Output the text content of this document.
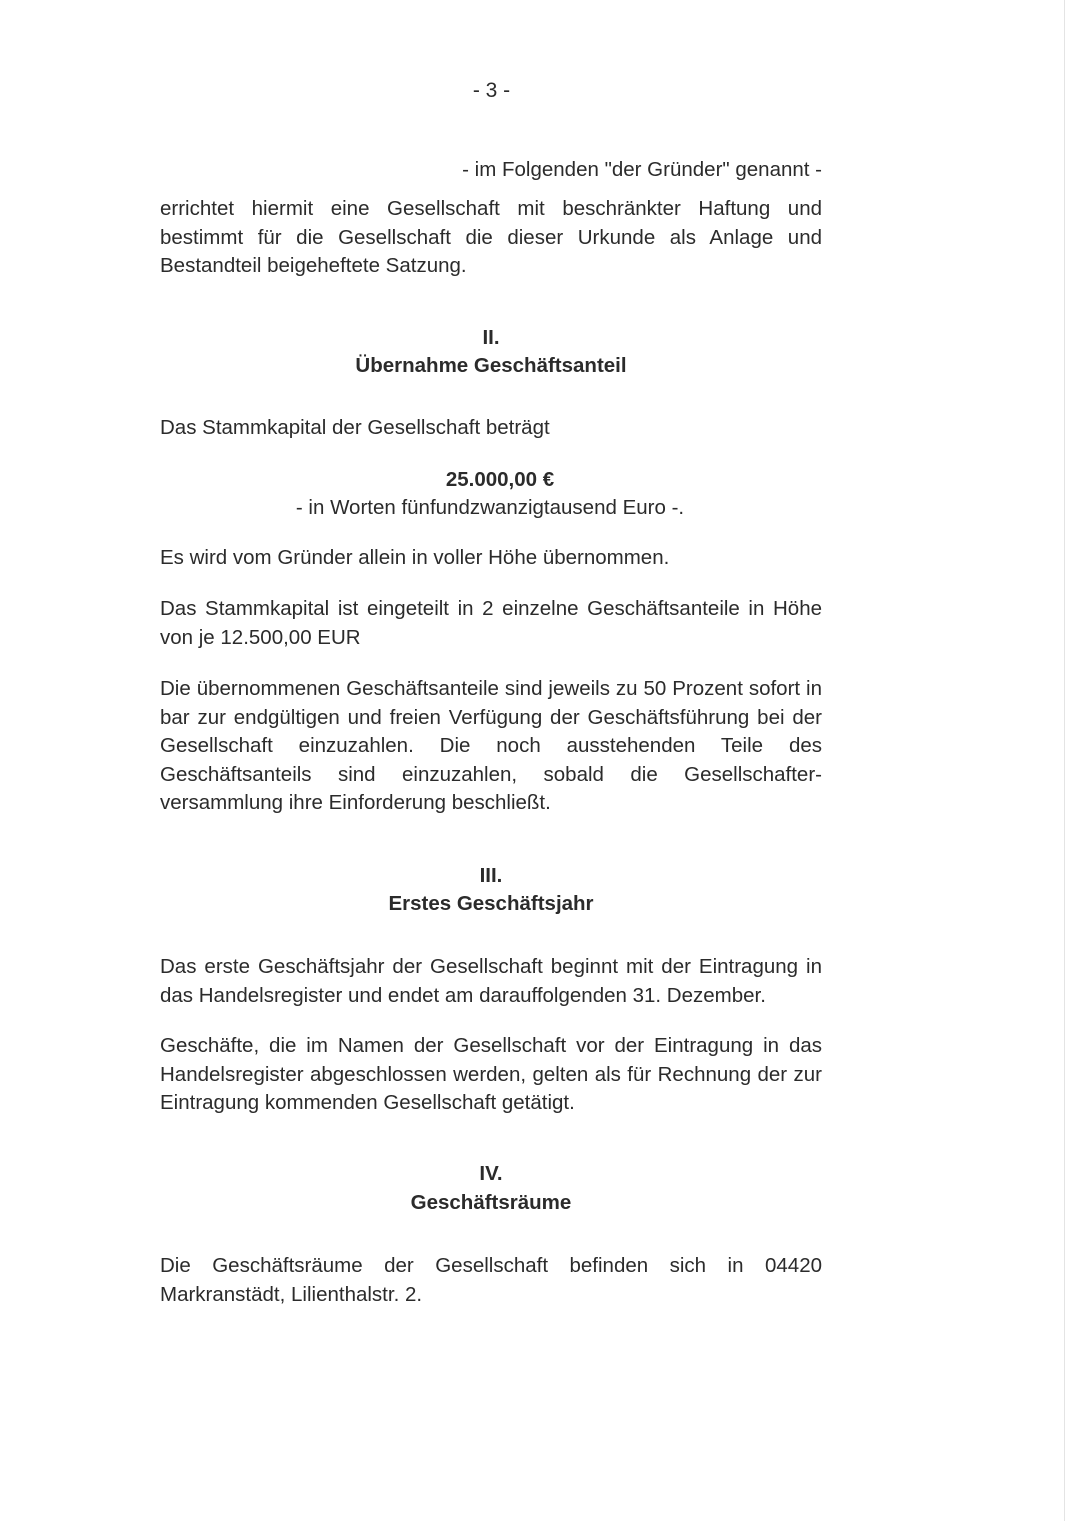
- 3 -

- im Folgenden "der Gründer" genannt -

errichtet hiermit eine Gesellschaft mit beschränkter Haftung und bestimmt für die Gesellschaft die dieser Urkunde als Anlage und Bestandteil beigeheftete Satzung.

II.

Übernahme Geschäftsanteil

Das Stammkapital der Gesellschaft beträgt

25.000,00 €

- in Worten fünfundzwanzigtausend Euro -.

Es wird vom Gründer allein in voller Höhe übernommen.

Das Stammkapital ist eingeteilt in 2 einzelne Geschäftsanteile in Höhe von je 12.500,00 EUR

Die übernommenen Geschäftsanteile sind jeweils zu 50 Prozent sofort in bar zur endgültigen und freien Verfügung der Geschäftsführung bei der Gesellschaft einzuzahlen. Die noch ausstehenden Teile des Geschäftsanteils sind einzuzahlen, sobald die Gesellschafter-versammlung ihre Einforderung beschließt.

III.

Erstes Geschäftsjahr

Das erste Geschäftsjahr der Gesellschaft beginnt mit der Eintragung in das Handelsregister und endet am darauffolgenden 31. Dezember.

Geschäfte, die im Namen der Gesellschaft vor der Eintragung in das Handelsregister abgeschlossen werden, gelten als für Rechnung der zur Eintragung kommenden Gesellschaft getätigt.

IV.

Geschäftsräume

Die Geschäftsräume der Gesellschaft befinden sich in 04420 Markranstädt, Lilienthalstr. 2.
